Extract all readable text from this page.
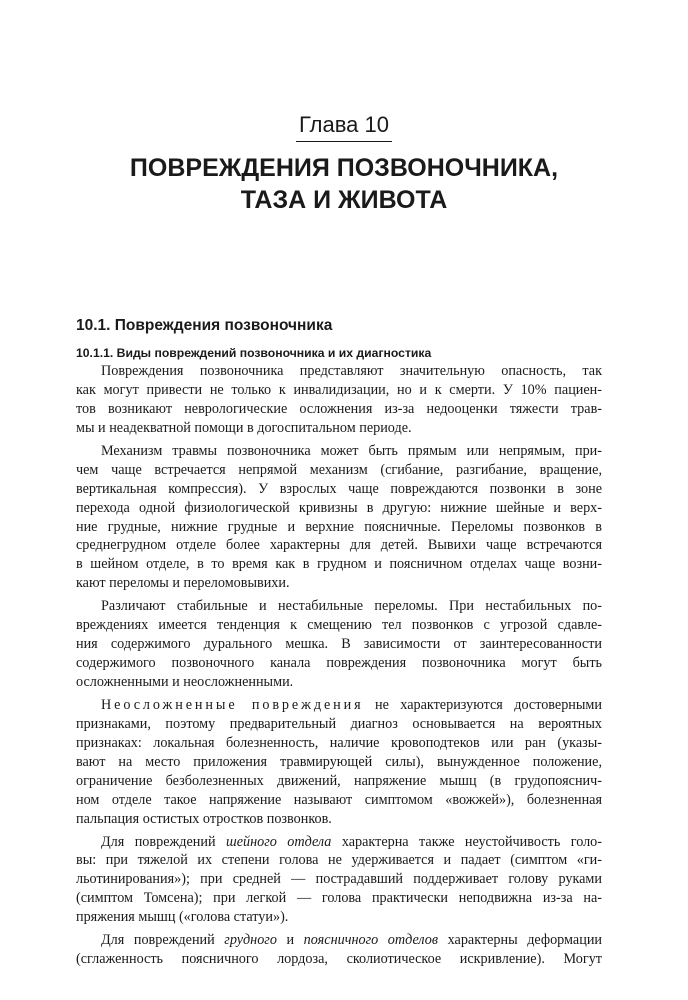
Глава 10
ПОВРЕЖДЕНИЯ ПОЗВОНОЧНИКА,
ТАЗА И ЖИВОТА
10.1. Повреждения позвоночника
10.1.1. Виды повреждений позвоночника и их диагностика
Повреждения позвоночника представляют значительную опасность, так
как могут привести не только к инвалидизации, но и к смерти. У 10% пациен-
тов возникают неврологические осложнения из-за недооценки тяжести трав-
мы и неадекватной помощи в догоспитальном периоде.
Механизм травмы позвоночника может быть прямым или непрямым, при-
чем чаще встречается непрямой механизм (сгибание, разгибание, вращение,
вертикальная компрессия). У взрослых чаще повреждаются позвонки в зоне
перехода одной физиологической кривизны в другую: нижние шейные и верх-
ние грудные, нижние грудные и верхние поясничные. Переломы позвонков в
среднегрудном отделе более характерны для детей. Вывихи чаще встречаются
в шейном отделе, в то время как в грудном и поясничном отделах чаще возни-
кают переломы и переломовывихи.
Различают стабильные и нестабильные переломы. При нестабильных по-
вреждениях имеется тенденция к смещению тел позвонков с угрозой сдавле-
ния содержимого дурального мешка. В зависимости от заинтересованности
содержимого позвоночного канала повреждения позвоночника могут быть
осложненными и неосложненными.
Неосложненные повреждения не характеризуются достоверными
признаками, поэтому предварительный диагноз основывается на вероятных
признаках: локальная болезненность, наличие кровоподтеков или ран (указы-
вают на место приложения травмирующей силы), вынужденное положение,
ограничение безболезненных движений, напряжение мышц (в грудопояснич-
ном отделе такое напряжение называют симптомом «вожжей»), болезненная
пальпация остистых отростков позвонков.
Для повреждений шейного отдела характерна также неустойчивость голо-
вы: при тяжелой их степени голова не удерживается и падает (симптом «ги-
льотинирования»); при средней — пострадавший поддерживает голову руками
(симптом Томсена); при легкой — голова практически неподвижна из-за на-
пряжения мышц («голова статуи»).
Для повреждений грудного и поясничного отделов характерны деформации
(сглаженность поясничного лордоза, сколиотическое искривление). Могут
